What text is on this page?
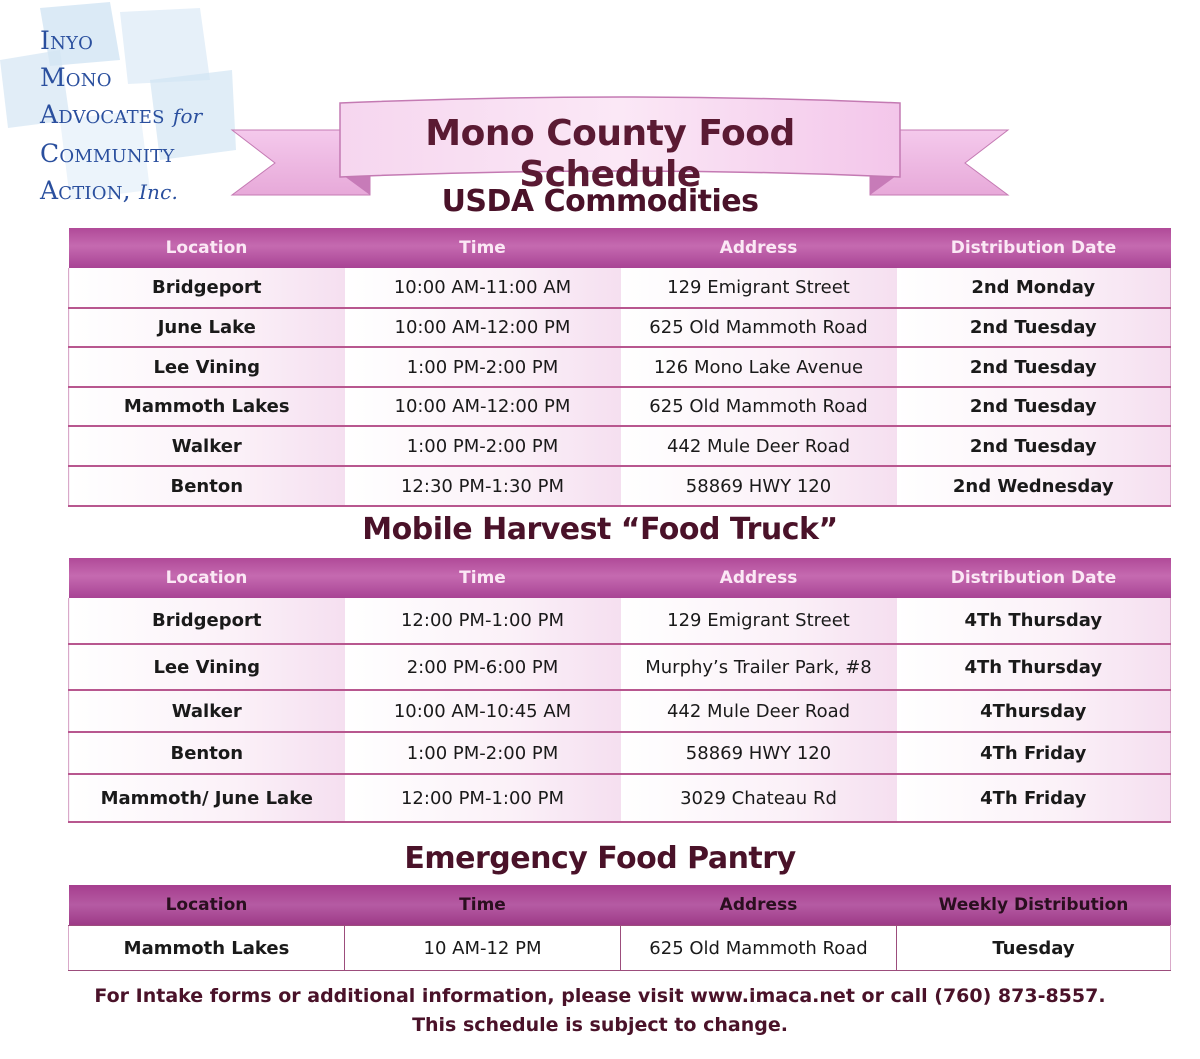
Inyo
Mono
Advocates for
Community
Action, Inc.
Mono County Food Schedule
USDA Commodities
Location	Time	Address	Distribution Date
Bridgeport	10:00 AM-11:00 AM	129 Emigrant Street	2nd Monday
June Lake	10:00 AM-12:00 PM	625 Old Mammoth Road	2nd Tuesday
Lee Vining	1:00 PM-2:00 PM	126 Mono Lake Avenue	2nd Tuesday
Mammoth Lakes	10:00 AM-12:00 PM	625 Old Mammoth Road	2nd Tuesday
Walker	1:00 PM-2:00 PM	442 Mule Deer Road	2nd Tuesday
Benton	12:30 PM-1:30 PM	58869 HWY 120	2nd Wednesday
Mobile Harvest “Food Truck”
Location	Time	Address	Distribution Date
Bridgeport	12:00 PM-1:00 PM	129 Emigrant Street	4Th Thursday
Lee Vining	2:00 PM-6:00 PM	Murphy’s Trailer Park, #8	4Th Thursday
Walker	10:00 AM-10:45 AM	442 Mule Deer Road	4Thursday
Benton	1:00 PM-2:00 PM	58869 HWY 120	4Th Friday
Mammoth/ June Lake	12:00 PM-1:00 PM	3029 Chateau Rd	4Th Friday
Emergency Food Pantry
Location	Time	Address	Weekly Distribution
Mammoth Lakes	10 AM-12 PM	625 Old Mammoth Road	Tuesday
For Intake forms or additional information, please visit www.imaca.net or call (760) 873-8557.
This schedule is subject to change.
